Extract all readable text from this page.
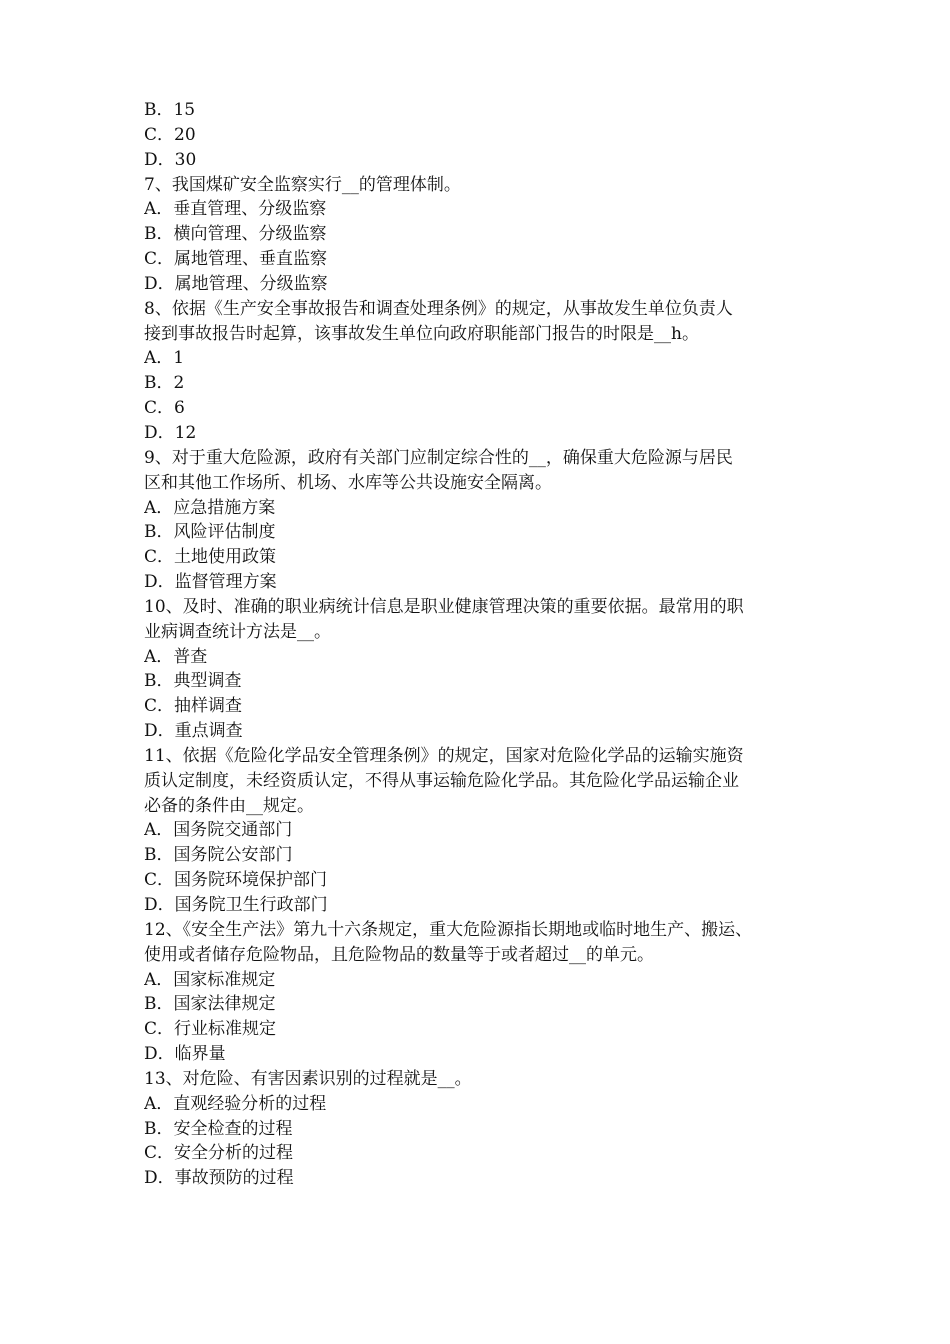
B．15
C．20
D．30
7、我国煤矿安全监察实行__的管理体制。
A．垂直管理、分级监察
B．横向管理、分级监察
C．属地管理、垂直监察
D．属地管理、分级监察
8、依据《生产安全事故报告和调查处理条例》的规定，从事故发生单位负责人
接到事故报告时起算，该事故发生单位向政府职能部门报告的时限是__h。
A．1
B．2
C．6
D．12
9、对于重大危险源，政府有关部门应制定综合性的__，确保重大危险源与居民
区和其他工作场所、机场、水库等公共设施安全隔离。
A．应急措施方案
B．风险评估制度
C．土地使用政策
D．监督管理方案
10、及时、准确的职业病统计信息是职业健康管理决策的重要依据。最常用的职
业病调查统计方法是__。
A．普查
B．典型调查
C．抽样调查
D．重点调查
11、依据《危险化学品安全管理条例》的规定，国家对危险化学品的运输实施资
质认定制度，未经资质认定，不得从事运输危险化学品。其危险化学品运输企业
必备的条件由__规定。
A．国务院交通部门
B．国务院公安部门
C．国务院环境保护部门
D．国务院卫生行政部门
12、《安全生产法》第九十六条规定，重大危险源指长期地或临时地生产、搬运、
使用或者储存危险物品，且危险物品的数量等于或者超过__的单元。
A．国家标准规定
B．国家法律规定
C．行业标准规定
D．临界量
13、对危险、有害因素识别的过程就是__。
A．直观经验分析的过程
B．安全检查的过程
C．安全分析的过程
D．事故预防的过程
